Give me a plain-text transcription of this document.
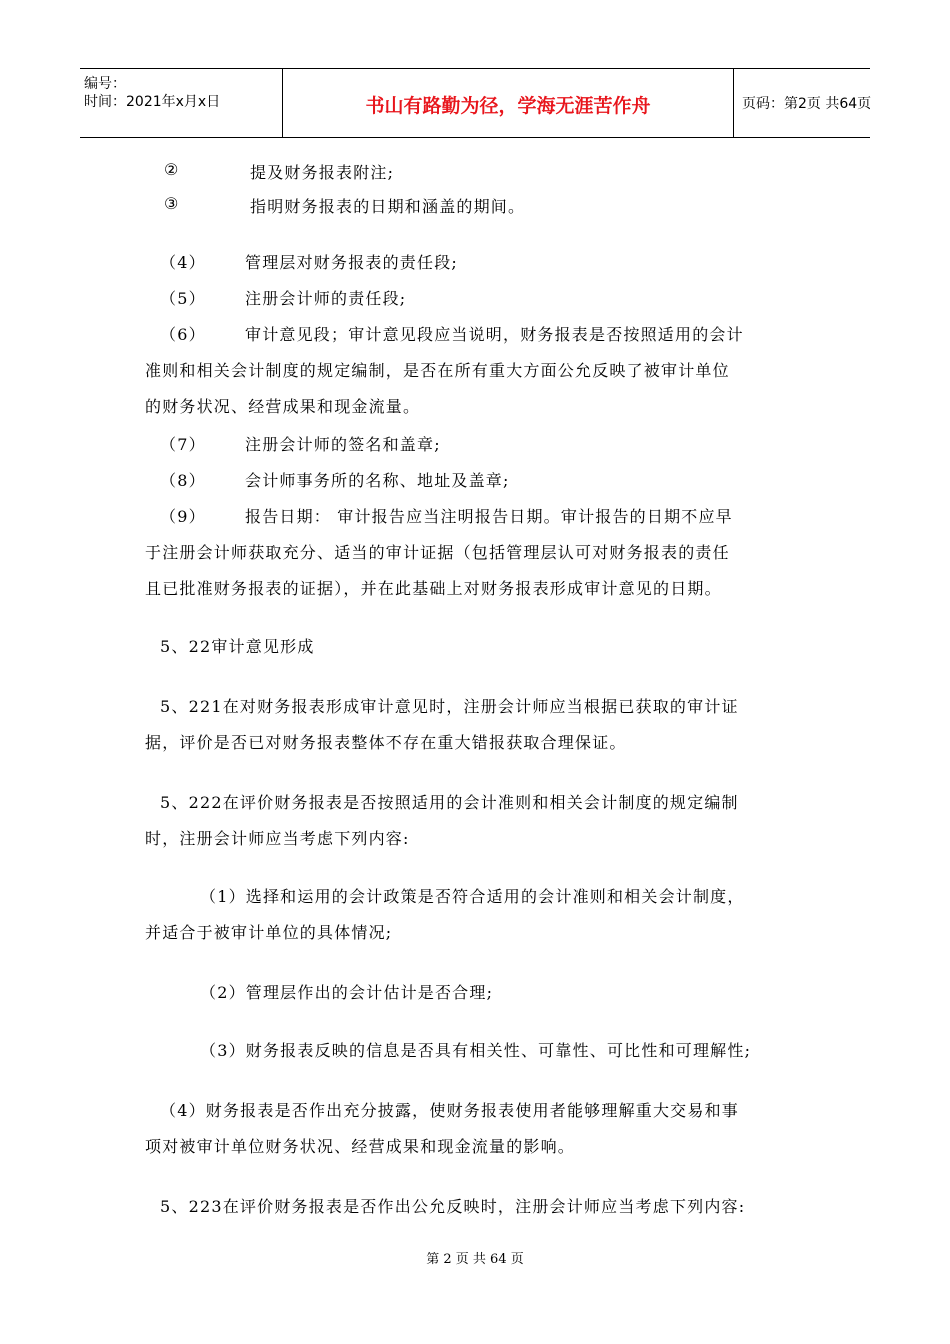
编号：
时间：2021年x月x日	书山有路勤为径，学海无涯苦作舟	页码：第2页 共64页
②	提及财务报表附注;
③	指明财务报表的日期和涵盖的期间。
（4） 管理层对财务报表的责任段;
（5） 注册会计师的责任段;
（6） 审计意见段；审计意见段应当说明，财务报表是否按照适用的会计
准则和相关会计制度的规定编制，是否在所有重大方面公允反映了被审计单位
的财务状况、经营成果和现金流量。
（7） 注册会计师的签名和盖章;
（8） 会计师事务所的名称、地址及盖章;
（9） 报告日期： 审计报告应当注明报告日期。审计报告的日期不应早
于注册会计师获取充分、适当的审计证据（包括管理层认可对财务报表的责任
且已批准财务报表的证据），并在此基础上对财务报表形成审计意见的日期。
5、22审计意见形成
5、221在对财务报表形成审计意见时，注册会计师应当根据已获取的审计证
据，评价是否已对财务报表整体不存在重大错报获取合理保证。
5、222在评价财务报表是否按照适用的会计准则和相关会计制度的规定编制
时，注册会计师应当考虑下列内容:
（1）选择和运用的会计政策是否符合适用的会计准则和相关会计制度，
并适合于被审计单位的具体情况;
（2）管理层作出的会计估计是否合理;
（3）财务报表反映的信息是否具有相关性、可靠性、可比性和可理解性;
（4）财务报表是否作出充分披露，使财务报表使用者能够理解重大交易和事
项对被审计单位财务状况、经营成果和现金流量的影响。
5、223在评价财务报表是否作出公允反映时，注册会计师应当考虑下列内容:
第 2 页 共 64 页
